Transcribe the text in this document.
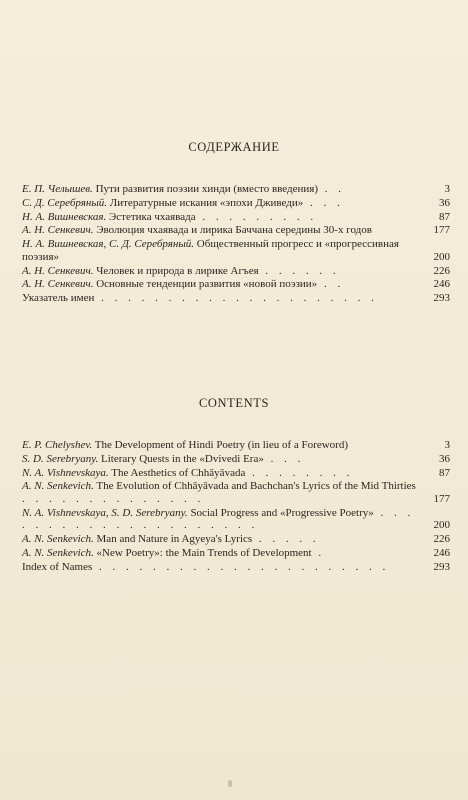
СОДЕРЖАНИЕ
Е. П. Челышев. Пути развития поэзии хинди (вместо введения) . .	3
С. Д. Серебряный. Литературные искания «эпохи Дживеди» . . .	36
Н. А. Вишневская. Эстетика чхаявада . . . . . . . . .	87
А. Н. Сенкевич. Эволюция чхаявада и лирика Баччана середины 30-х годов	177
Н. А. Вишневская, С. Д. Серебряный. Общественный прогресс и «прогрессивная поэзия»	200
А. Н. Сенкевич. Человек и природа в лирике Агъея . . . . . .	226
А. Н. Сенкевич. Основные тенденции развития «новой поэзии» . .	246
Указатель имен . . . . . . . . . . . . . . . . . . . . .	293
CONTENTS
E. P. Chelyshev. The Development of Hindi Poetry (in lieu of a Foreword)	3
S. D. Serebryany. Literary Quests in the «Dvivedi Era» . . .	36
N. A. Vishnevskaya. The Aesthetics of Chhāyāvada . . . . . . . .	87
A. N. Senkevich. The Evolution of Chhāyāvada and Bachchan's Lyrics of the Mid Thirties . . . . . . . . . . . . . .	177
N. A. Vishnevskaya, S. D. Serebryany. Social Progress and «Progressive Poetry» . . . . . . . . . . . . . . . . . . . . .	200
A. N. Senkevich. Man and Nature in Agyeya's Lyrics . . . . .	226
A. N. Senkevich. «New Poetry»: the Main Trends of Development .	246
Index of Names . . . . . . . . . . . . . . . . . . . . . .	293
